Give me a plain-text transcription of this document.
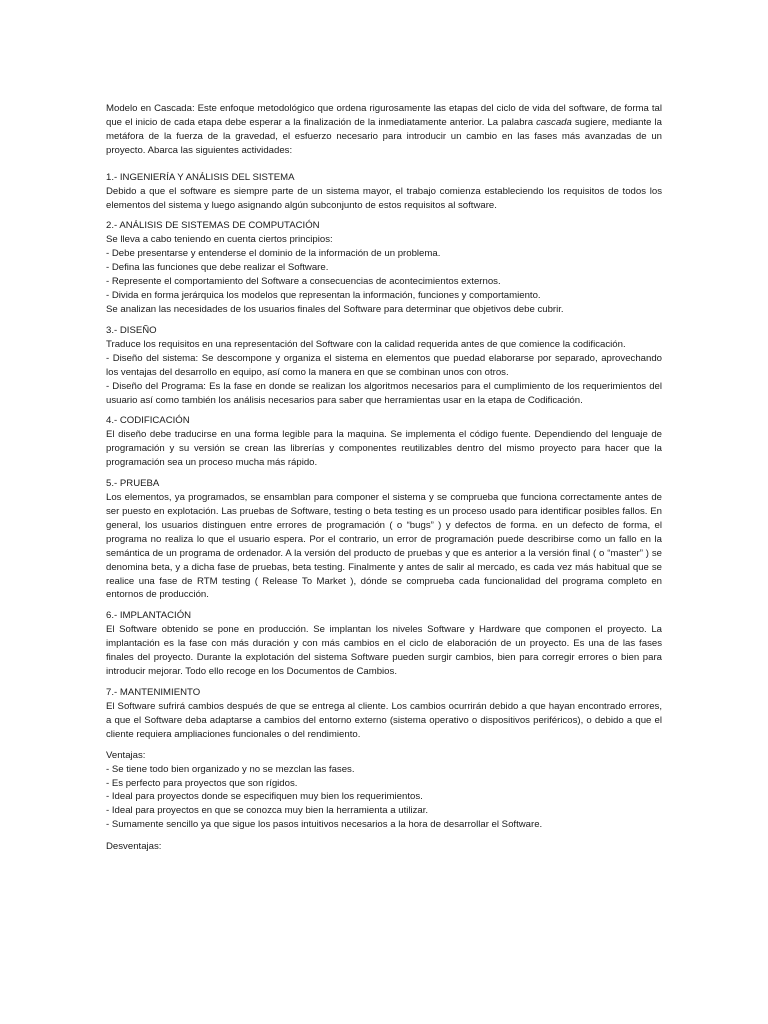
Modelo en Cascada: Este enfoque metodológico que ordena rigurosamente las etapas del ciclo de vida del software, de forma tal que el inicio de cada etapa debe esperar a la finalización de la inmediatamente anterior. La palabra cascada sugiere, mediante la metáfora de la fuerza de la gravedad, el esfuerzo necesario para introducir un cambio en las fases más avanzadas de un proyecto. Abarca las siguientes actividades:

1.- INGENIERÍA Y ANÁLISIS DEL SISTEMA

Debido a que el software es siempre parte de un sistema mayor, el trabajo comienza estableciendo los requisitos de todos los elementos del sistema y luego asignando algún subconjunto de estos requisitos al software.

2.- ANÁLISIS DE SISTEMAS DE COMPUTACIÓN

Se lleva a cabo teniendo en cuenta ciertos principios:

- Debe presentarse y entenderse el dominio de la información de un problema.

- Defina las funciones que debe realizar el Software.

- Represente el comportamiento del Software a consecuencias de acontecimientos externos.

- Divida en forma jerárquica los modelos que representan la información, funciones y comportamiento.

Se analizan las necesidades de los usuarios finales del Software para determinar que objetivos debe cubrir.

3.- DISEÑO

Traduce los requisitos en una representación del Software con la calidad requerida antes de que comience la codificación.

- Diseño del sistema: Se descompone y organiza el sistema en elementos que puedad elaborarse por separado, aprovechando los ventajas del desarrollo en equipo, así como la manera en que se combinan unos con otros.

- Diseño del Programa: Es la fase en donde se realizan los algoritmos necesarios para el cumplimiento de los requerimientos del usuario así como también los análisis necesarios para saber que herramientas usar en la etapa de Codificación.

4.- CODIFICACIÓN

El diseño debe traducirse en una forma legible para la maquina. Se implementa el código fuente. Dependiendo del lenguaje de programación y su versión se crean las librerías y componentes reutilizables dentro del mismo proyecto para hacer que la programación sea un proceso mucha más rápido.

5.- PRUEBA

Los elementos, ya programados, se ensamblan para componer el sistema y se comprueba que funciona correctamente antes de ser puesto en explotación. Las pruebas de Software, testing o beta testing es un proceso usado para identificar posibles fallos. En general, los usuarios distinguen entre errores de programación ( o “bugs” ) y defectos de forma. en un defecto de forma, el programa no realiza lo que el usuario espera. Por el contrario, un error de programación puede describirse como un fallo en la semántica de un programa de ordenador. A la versión del producto de pruebas y que es anterior a la versión final ( o “master” ) se denomina beta, y a dicha fase de pruebas, beta testing. Finalmente y antes de salir al mercado, es cada vez más habitual que se realice una fase de RTM testing ( Release To Market ), dónde se comprueba cada funcionalidad del programa completo en entornos de producción.

6.- IMPLANTACIÓN

El Software obtenido se pone en producción. Se implantan los niveles Software y Hardware que componen el proyecto. La implantación es la fase con más duración y con más cambios en el ciclo de elaboración de un proyecto. Es una de las fases finales del proyecto. Durante la explotación del sistema Software pueden surgir cambios, bien para corregir errores o bien para introducir mejorar. Todo ello recoge en los Documentos de Cambios.

7.- MANTENIMIENTO

El Software sufrirá cambios después de que se entrega al cliente. Los cambios ocurrirán debido a que hayan encontrado errores, a que el Software deba adaptarse a cambios del entorno externo (sistema operativo o dispositivos periféricos), o debido a que el cliente requiera ampliaciones funcionales o del rendimiento.

Ventajas:

- Se tiene todo bien organizado y no se mezclan las fases.

- Es perfecto para proyectos que son rígidos.

- Ideal para proyectos donde se especifiquen muy bien los requerimientos.

- Ideal para proyectos en que se conozca muy bien la herramienta a utilizar.

- Sumamente sencillo ya que sigue los pasos intuitivos necesarios a la hora de desarrollar el Software.

Desventajas:
